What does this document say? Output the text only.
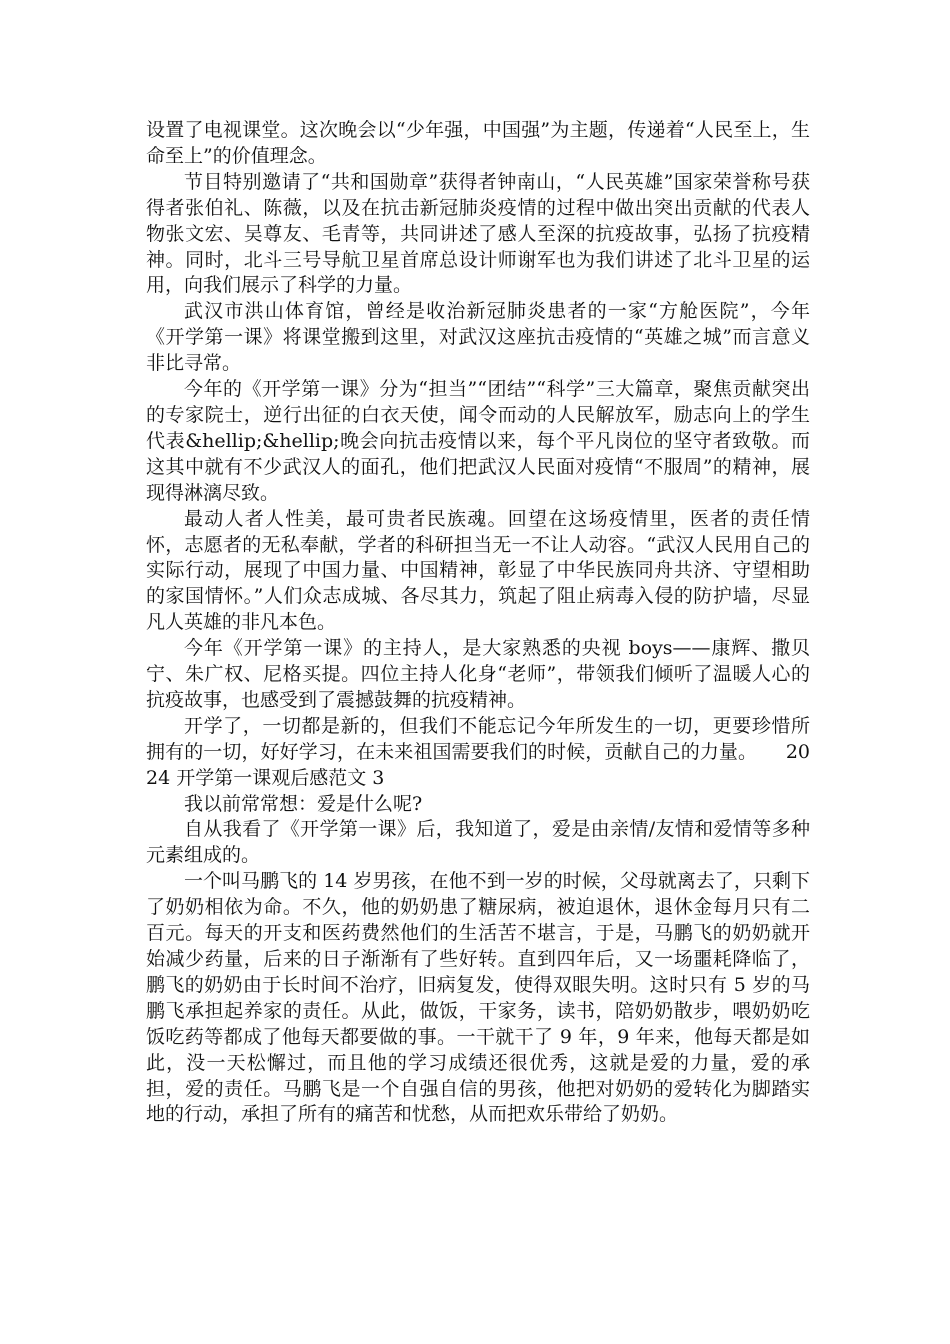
设置了电视课堂。这次晚会以“少年强，中国强”为主题，传递着“人民至上，生命至上”的价值理念。

节目特别邀请了“共和国勋章”获得者钟南山，“人民英雄”国家荣誉称号获得者张伯礼、陈薇，以及在抗击新冠肺炎疫情的过程中做出突出贡献的代表人物张文宏、吴尊友、毛青等，共同讲述了感人至深的抗疫故事，弘扬了抗疫精神。同时，北斗三号导航卫星首席总设计师谢军也为我们讲述了北斗卫星的运用，向我们展示了科学的力量。

武汉市洪山体育馆，曾经是收治新冠肺炎患者的一家“方舱医院”，今年《开学第一课》将课堂搬到这里，对武汉这座抗击疫情的“英雄之城”而言意义非比寻常。

今年的《开学第一课》分为“担当”“团结”“科学”三大篇章，聚焦贡献突出的专家院士，逆行出征的白衣天使，闻令而动的人民解放军，励志向上的学生代表&hellip;&hellip;晚会向抗击疫情以来，每个平凡岗位的坚守者致敬。而这其中就有不少武汉人的面孔，他们把武汉人民面对疫情“不服周”的精神，展现得淋漓尽致。

最动人者人性美，最可贵者民族魂。回望在这场疫情里，医者的责任情怀，志愿者的无私奉献，学者的科研担当无一不让人动容。“武汉人民用自己的实际行动，展现了中国力量、中国精神，彰显了中华民族同舟共济、守望相助的家国情怀。”人们众志成城、各尽其力，筑起了阻止病毒入侵的防护墙，尽显凡人英雄的非凡本色。

今年《开学第一课》的主持人，是大家熟悉的央视 boys——康辉、撒贝宁、朱广权、尼格买提。四位主持人化身“老师”，带领我们倾听了温暖人心的抗疫故事，也感受到了震撼鼓舞的抗疫精神。

开学了，一切都是新的，但我们不能忘记今年所发生的一切，更要珍惜所拥有的一切，好好学习，在未来祖国需要我们的时候，贡献自己的力量。　　2024 开学第一课观后感范文 3

我以前常常想：爱是什么呢?

自从我看了《开学第一课》后，我知道了，爱是由亲情/友情和爱情等多种元素组成的。

一个叫马鹏飞的 14 岁男孩，在他不到一岁的时候，父母就离去了，只剩下了奶奶相依为命。不久，他的奶奶患了糖尿病，被迫退休，退休金每月只有二百元。每天的开支和医药费然他们的生活苦不堪言，于是，马鹏飞的奶奶就开始减少药量，后来的日子渐渐有了些好转。直到四年后，又一场噩耗降临了，鹏飞的奶奶由于长时间不治疗，旧病复发，使得双眼失明。这时只有 5 岁的马鹏飞承担起养家的责任。从此，做饭，干家务，读书，陪奶奶散步，喂奶奶吃饭吃药等都成了他每天都要做的事。一干就干了 9 年，9 年来，他每天都是如此，没一天松懈过，而且他的学习成绩还很优秀，这就是爱的力量，爱的承担，爱的责任。马鹏飞是一个自强自信的男孩，他把对奶奶的爱转化为脚踏实地的行动，承担了所有的痛苦和忧愁，从而把欢乐带给了奶奶。
